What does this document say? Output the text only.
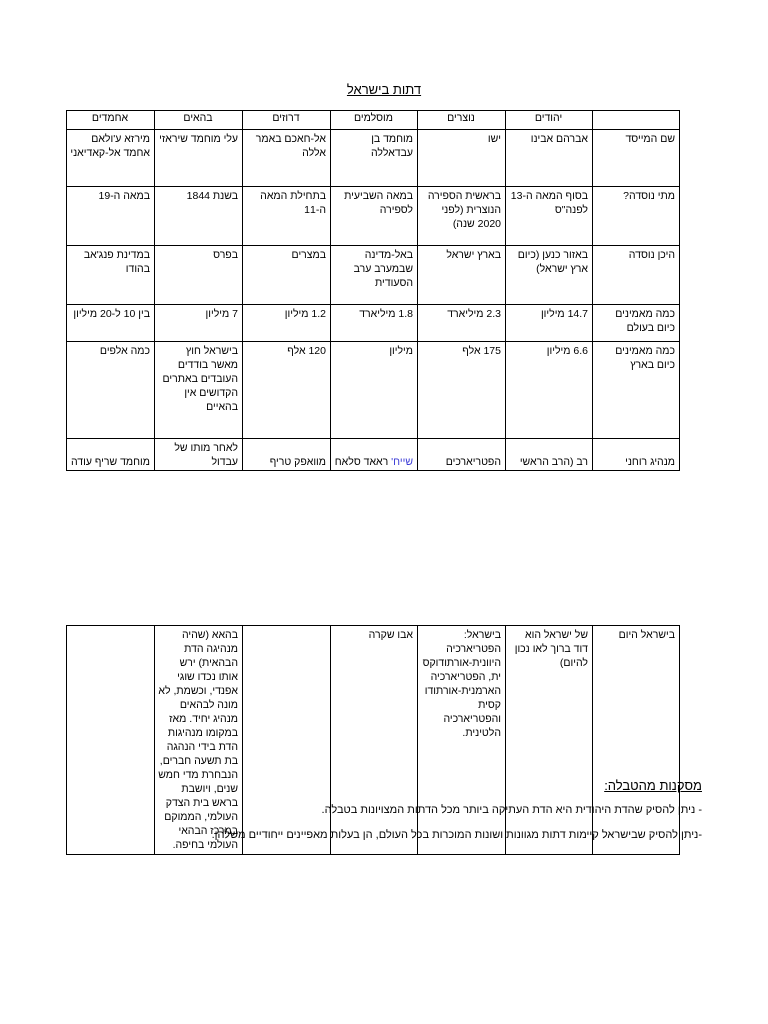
דתות בישראל
	יהודים	נוצרים	מוסלמים	דרוזים	בהאים	אחמדים
שם המייסד	אברהם אבינו	ישו	מוחמד בן עבדאללה	אל-חאכם באמר אללה	עלי מוחמד שיראזי	מירזא ע'ולאם אחמד אל-קאדיאני
מתי נוסדה?	בסוף המאה ה-13 לפנה"ס	בראשית הספירה הנוצרית (לפני 2020 שנה)	במאה השביעית לספירה	בתחילת המאה ה-11	בשנת 1844	במאה ה-19
היכן נוסדה	באזור כנען (כיום ארץ ישראל)	בארץ ישראל	באל-מדינה שבמערב ערב הסעודית	במצרים	בפרס	במדינת פנג'אב בהודו
כמה מאמינים כיום בעולם	14.7 מיליון	2.3 מיליארד	1.8 מיליארד	1.2 מיליון	7 מיליון	בין 10 ל-20 מיליון
כמה מאמינים כיום בארץ	6.6 מיליון	175 אלף	מיליון	120 אלף	בישראל חוץ מאשר בודדים העובדים באתרים הקדושים אין בהאיים	כמה אלפים
מנהיג רוחני	רב (הרב הראשי	הפטריארכים	שייח' ראאד סלאח	מוואפק טריף	לאחר מותו של עבדול	מוחמד שריף עודה
בישראל היום	של ישראל הוא דוד ברוך לאו נכון להיום)	בישראל: הפטריארכיה היוונית-אורתודוקסית, הפטריארכיה הארמנית-אורתודוקסית והפטריארכיה הלטינית.	אבו שקרה		בהאא (שהיה מנהיגה הדת הבהאית) ירש אותו נכדו שוגי אפנדי, וכשמת, לא מונה לבהאים מנהיג יחיד. מאז במקומו מנהיגות הדת בידי הנהגה בת תשעה חברים, הנבחרת מדי חמש שנים, ויושבת בראש בית הצדק העולמי, הממוקם במרכז הבהאי העולמי בחיפה.	
מסקנות מהטבלה:
- ניתן להסיק שהדת היהודית היא הדת העתיקה ביותר מכל הדתות המצויונות בטבלה.
-ניתן להסיק שבישראל קיימות דתות מגוונות ושונות המוכרות בכל העולם, הן בעלות מאפיינים ייחודיים משלהן.
